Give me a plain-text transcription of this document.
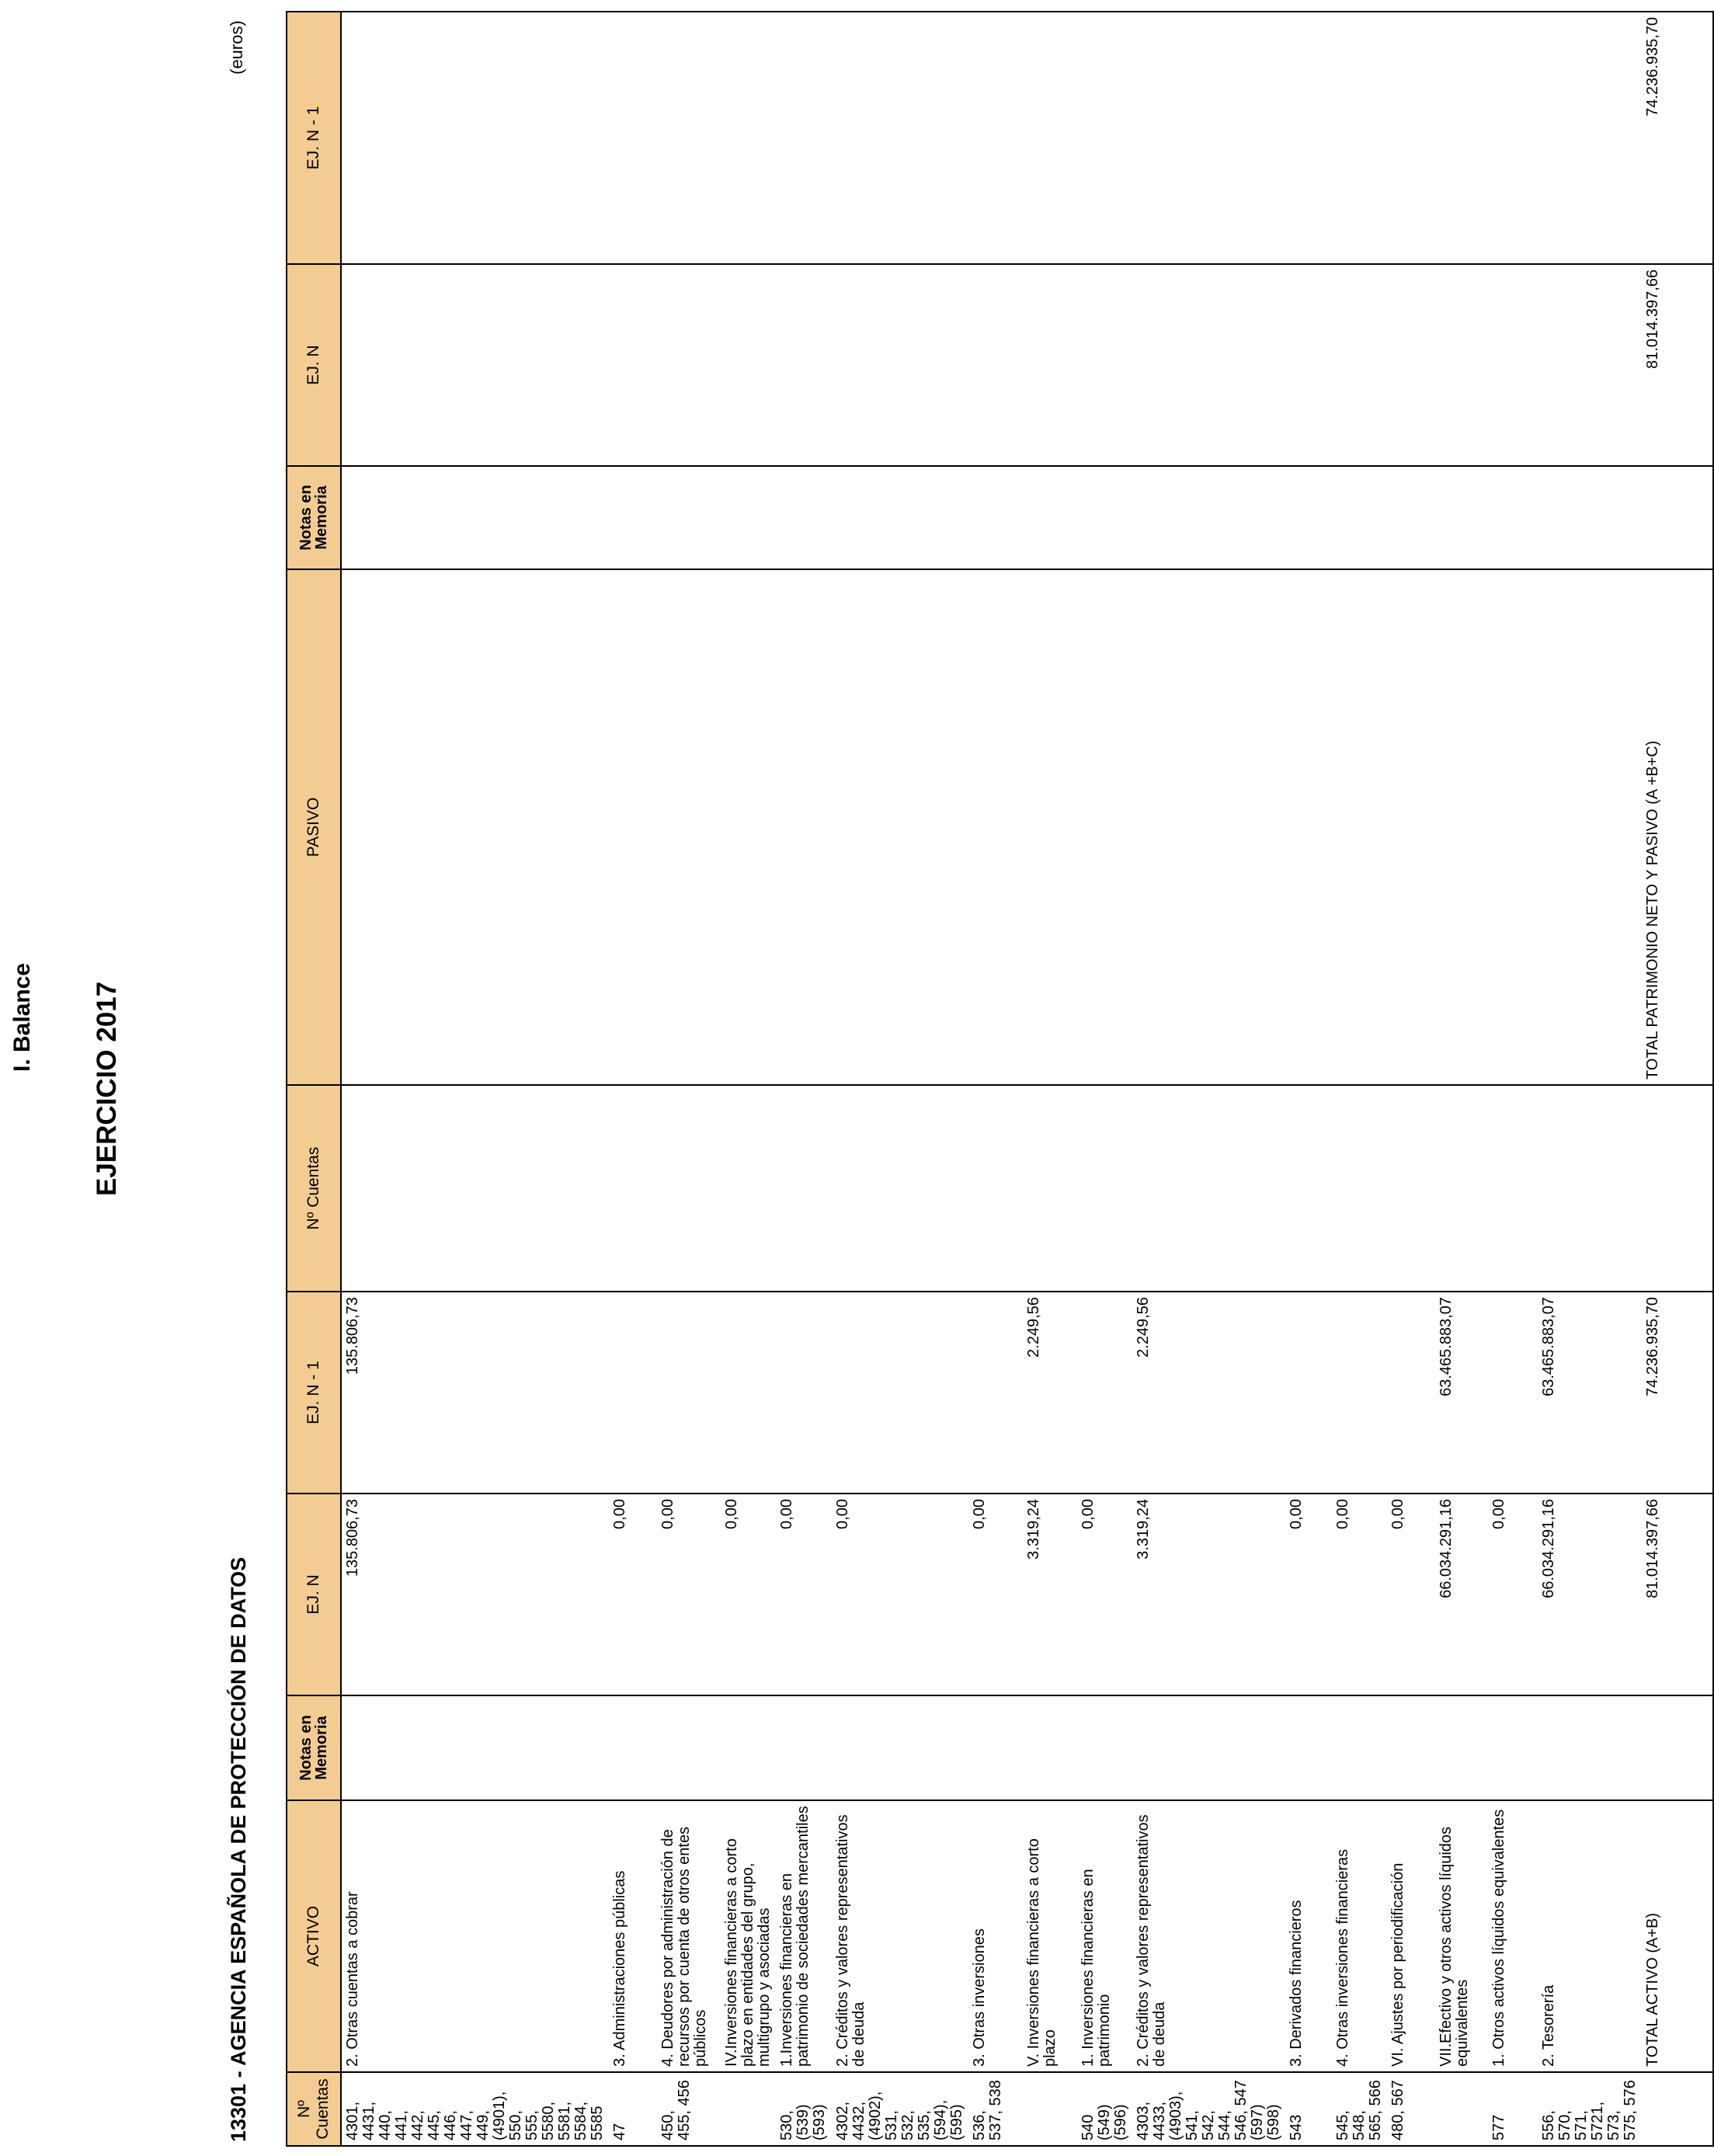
I. Balance EJERCICIO 2017
13301 - AGENCIA ESPAÑOLA DE PROTECCIÓN DE DATOS
(euros)
Nº Cuentas	ACTIVO	Notas en Memoria	EJ. N	EJ. N - 1	Nº Cuentas	PASIVO	Notas en Memoria	EJ. N	EJ. N - 1
4301, 4431, 440, 441, 442, 445, 446, 447, 449, (4901), 550, 555, 5580, 5581, 5584, 5585	2. Otras cuentas a cobrar		135.806,73	135.806,73					
47	3. Administraciones públicas		0,00						
450, 455, 456	4. Deudores por administración de recursos por cuenta de otros entes públicos		0,00						
	IV.Inversiones financieras a corto plazo en entidades del grupo, multigrupo y asociadas		0,00						
530, (539) (593)	1.Inversiones financieras en patrimonio de sociedades mercantiles		0,00						
4302, 4432, (4902), 531, 532, 535, (594), (595)	2. Créditos y valores representativos de deuda		0,00						
536, 537, 538	3. Otras inversiones		0,00						
	V. Inversiones financieras a corto plazo		3.319,24	2.249,56					
540 (549) (596)	1. Inversiones financieras en patrimonio		0,00						
4303, 4433, (4903), 541, 542, 544, 546, 547 (597) (598)	2. Créditos y valores representativos de deuda		3.319,24	2.249,56					
543	3. Derivados financieros		0,00						
545, 548, 565, 566	4. Otras inversiones financieras		0,00						
480, 567	VI. Ajustes por periodificación		0,00						
	VII.Efectivo y otros activos líquidos equivalentes		66.034.291,16	63.465.883,07					
577	1. Otros activos líquidos equivalentes		0,00						
556, 570, 571, 5721, 573, 575, 576	2. Tesorería		66.034.291,16	63.465.883,07					
	TOTAL ACTIVO (A+B)		81.014.397,66	74.236.935,70		TOTAL PATRIMONIO NETO Y PASIVO (A +B+C)		81.014.397,66	74.236.935,70
